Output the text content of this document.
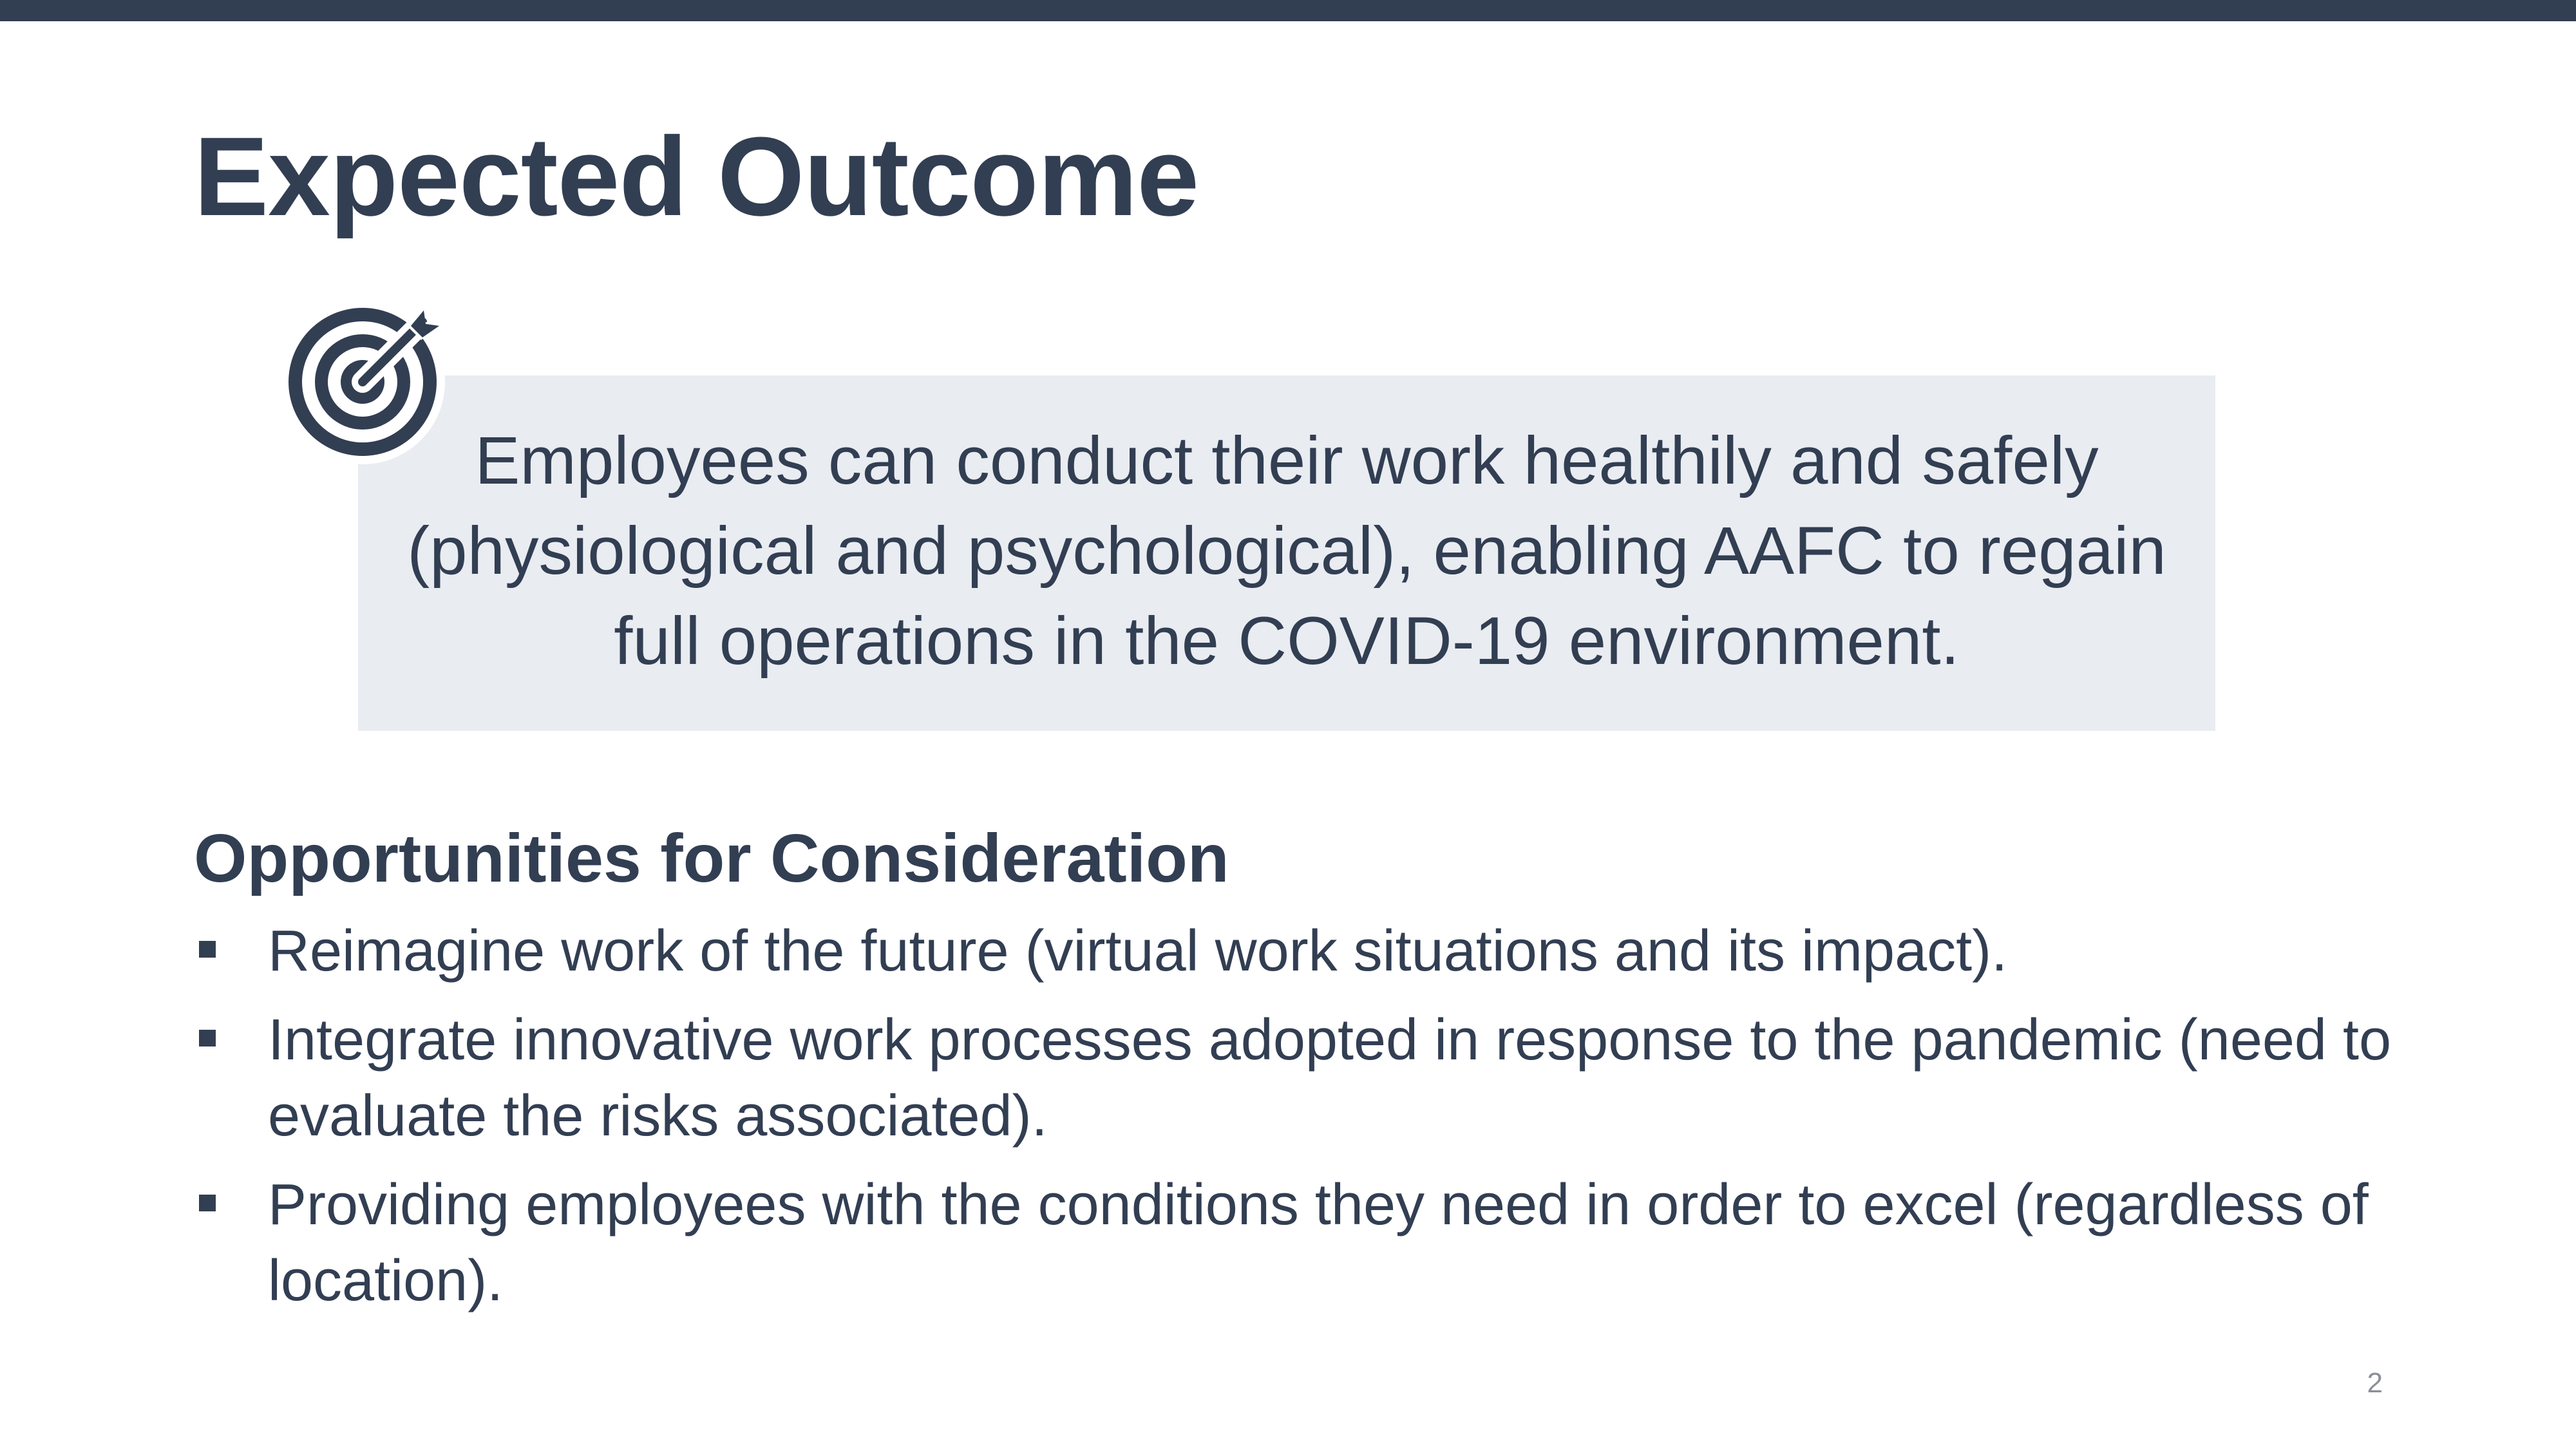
Expected Outcome

Employees can conduct their work healthily and safely (physiological and psychological), enabling AAFC to regain full operations in the COVID-19 environment.

Opportunities for Consideration
Reimagine work of the future (virtual work situations and its impact).
Integrate innovative work processes adopted in response to the pandemic (need to evaluate the risks associated).
Providing employees with the conditions they need in order to excel (regardless of location).
2
